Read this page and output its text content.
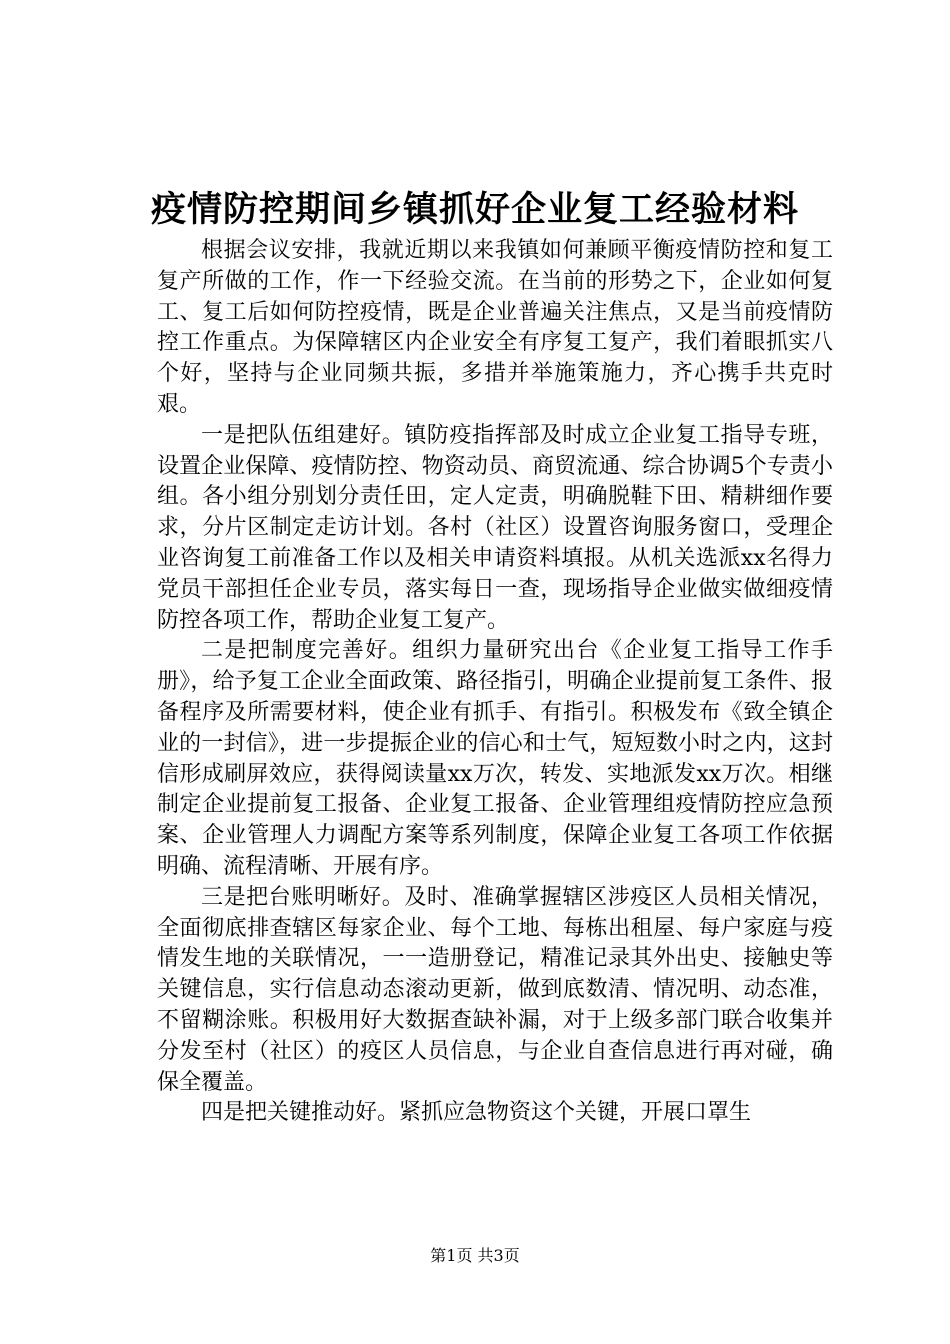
疫情防控期间乡镇抓好企业复工经验材料

根据会议安排，我就近期以来我镇如何兼顾平衡疫情防控和复工复产所做的工作，作一下经验交流。在当前的形势之下，企业如何复工、复工后如何防控疫情，既是企业普遍关注焦点，又是当前疫情防控工作重点。为保障辖区内企业安全有序复工复产，我们着眼抓实八个好，坚持与企业同频共振，多措并举施策施力，齐心携手共克时艰。

一是把队伍组建好。镇防疫指挥部及时成立企业复工指导专班，设置企业保障、疫情防控、物资动员、商贸流通、综合协调5个专责小组。各小组分别划分责任田，定人定责，明确脱鞋下田、精耕细作要求，分片区制定走访计划。各村（社区）设置咨询服务窗口，受理企业咨询复工前准备工作以及相关申请资料填报。从机关选派xx名得力党员干部担任企业专员，落实每日一查，现场指导企业做实做细疫情防控各项工作，帮助企业复工复产。

二是把制度完善好。组织力量研究出台《企业复工指导工作手册》，给予复工企业全面政策、路径指引，明确企业提前复工条件、报备程序及所需要材料，使企业有抓手、有指引。积极发布《致全镇企业的一封信》，进一步提振企业的信心和士气，短短数小时之内，这封信形成刷屏效应，获得阅读量xx万次，转发、实地派发xx万次。相继制定企业提前复工报备、企业复工报备、企业管理组疫情防控应急预案、企业管理人力调配方案等系列制度，保障企业复工各项工作依据明确、流程清晰、开展有序。

三是把台账明晰好。及时、准确掌握辖区涉疫区人员相关情况，全面彻底排查辖区每家企业、每个工地、每栋出租屋、每户家庭与疫情发生地的关联情况，一一造册登记，精准记录其外出史、接触史等关键信息，实行信息动态滚动更新，做到底数清、情况明、动态准，不留糊涂账。积极用好大数据查缺补漏，对于上级多部门联合收集并分发至村（社区）的疫区人员信息，与企业自查信息进行再对碰，确保全覆盖。

四是把关键推动好。紧抓应急物资这个关键，开展口罩生

第1页 共3页
